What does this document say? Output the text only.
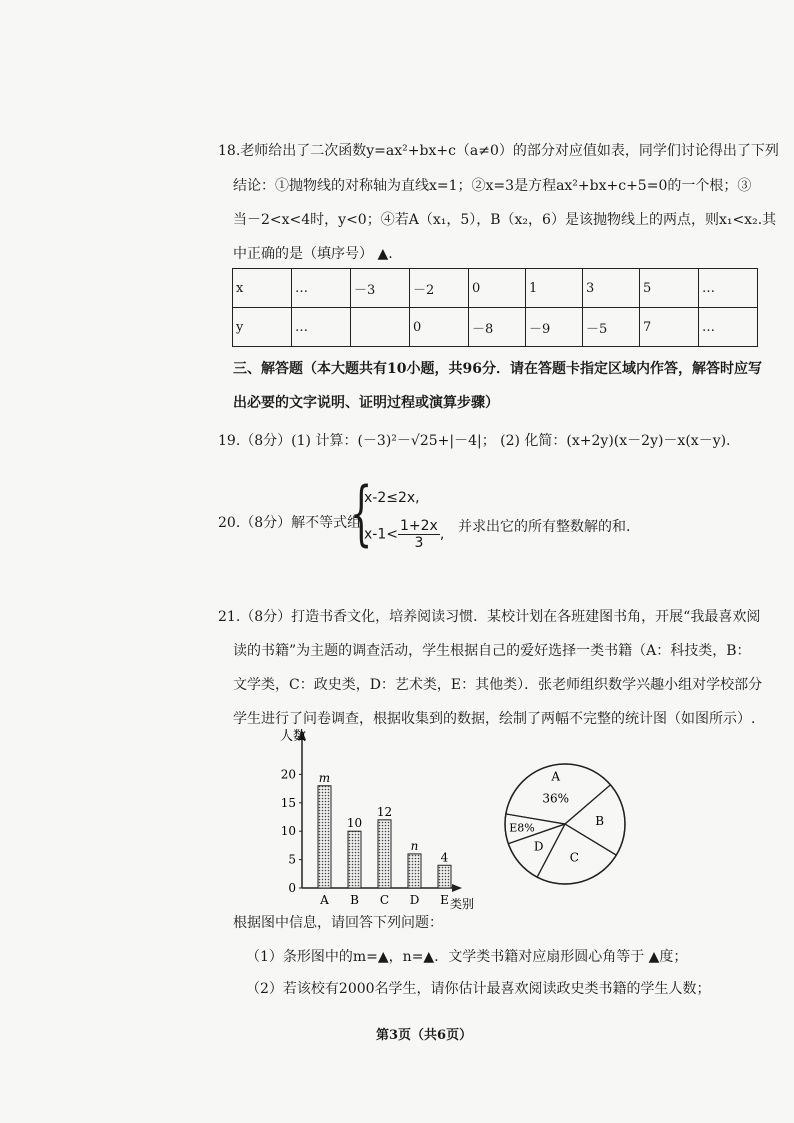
18.老师给出了二次函数y=ax²+bx+c（a≠0）的部分对应值如表，同学们讨论得出了下列
结论：①抛物线的对称轴为直线x=1；②x=3是方程ax²+bx+c+5=0的一个根；③
当－2<x<4时，y<0；④若A（x₁，5），B（x₂，6）是该抛物线上的两点，则x₁<x₂.其
中正确的是（填序号） ▲.
x	…	－3	－2	0	1	3	5	…
y	…		0	－8	－9	－5	7	…
三、解答题（本大题共有10小题，共96分．请在答题卡指定区域内作答，解答时应写
出必要的文字说明、证明过程或演算步骤）
19.（8分）(1) 计算：(－3)²－√25+|－4|； (2) 化简：(x+2y)(x－2y)－x(x－y).
20.（8分）解不等式组
{
x-2≤2x,
$x-1< \frac{1+2x}{3}$ , 并求出它的所有整数解的和.
21.（8分）打造书香文化，培养阅读习惯．某校计划在各班建图书角，开展“我最喜欢阅
读的书籍”为主题的调查活动，学生根据自己的爱好选择一类书籍（A：科技类，B：
文学类，C：政史类，D：艺术类，E：其他类）．张老师组织数学兴趣小组对学校部分
学生进行了问卷调查，根据收集到的数据，绘制了两幅不完整的统计图（如图所示）.
人数
类别
0
5
10
15
20 m
A
10
B
12
C
n
D
4
E
A
36%
B
C
D
E8%
根据图中信息，请回答下列问题：
（1）条形图中的m=▲，n=▲．文学类书籍对应扇形圆心角等于 ▲度；
（2）若该校有2000名学生，请你估计最喜欢阅读政史类书籍的学生人数；
第3页（共6页）
